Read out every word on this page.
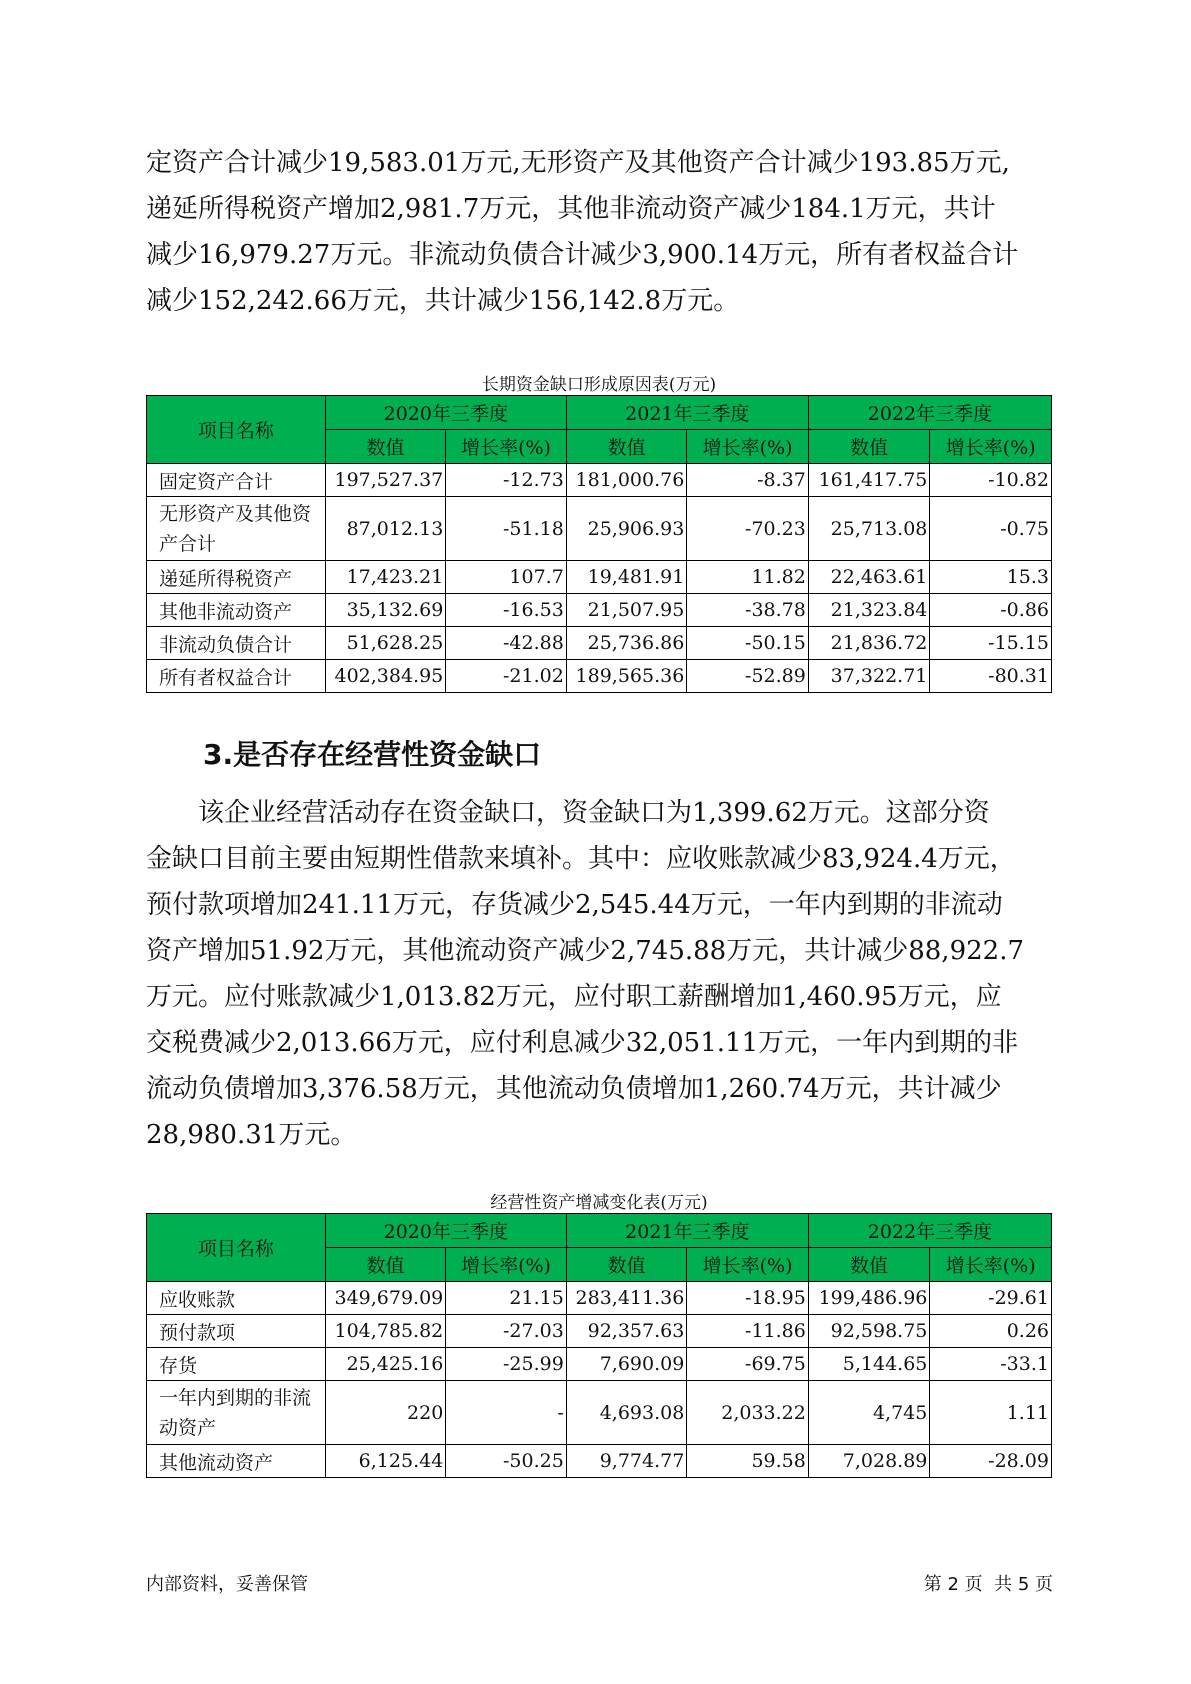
定资产合计减少19,583.01万元,无形资产及其他资产合计减少193.85万元,
递延所得税资产增加2,981.7万元，其他非流动资产减少184.1万元，共计
减少16,979.27万元。非流动负债合计减少3,900.14万元，所有者权益合计
减少152,242.66万元，共计减少156,142.8万元。
长期资金缺口形成原因表(万元)
项目名称	2020年三季度		2021年三季度		2022年三季度	
	数值	增长率(%)	数值	增长率(%)	数值	增长率(%)
固定资产合计	197,527.37	-12.73	181,000.76	-8.37	161,417.75	-10.82
无形资产及其他资产合计	87,012.13	-51.18	25,906.93	-70.23	25,713.08	-0.75
递延所得税资产	17,423.21	107.7	19,481.91	11.82	22,463.61	15.3
其他非流动资产	35,132.69	-16.53	21,507.95	-38.78	21,323.84	-0.86
非流动负债合计	51,628.25	-42.88	25,736.86	-50.15	21,836.72	-15.15
所有者权益合计	402,384.95	-21.02	189,565.36	-52.89	37,322.71	-80.31
3.是否存在经营性资金缺口
该企业经营活动存在资金缺口，资金缺口为1,399.62万元。这部分资
金缺口目前主要由短期性借款来填补。其中：应收账款减少83,924.4万元，
预付款项增加241.11万元，存货减少2,545.44万元，一年内到期的非流动
资产增加51.92万元，其他流动资产减少2,745.88万元，共计减少88,922.7
万元。应付账款减少1,013.82万元，应付职工薪酬增加1,460.95万元，应
交税费减少2,013.66万元，应付利息减少32,051.11万元，一年内到期的非
流动负债增加3,376.58万元，其他流动负债增加1,260.74万元，共计减少
28,980.31万元。
经营性资产增减变化表(万元)
项目名称	2020年三季度		2021年三季度		2022年三季度	
	数值	增长率(%)	数值	增长率(%)	数值	增长率(%)
应收账款	349,679.09	21.15	283,411.36	-18.95	199,486.96	-29.61
预付款项	104,785.82	-27.03	92,357.63	-11.86	92,598.75	0.26
存货	25,425.16	-25.99	7,690.09	-69.75	5,144.65	-33.1
一年内到期的非流动资产	220	-	4,693.08	2,033.22	4,745	1.11
其他流动资产	6,125.44	-50.25	9,774.77	59.58	7,028.89	-28.09
内部资料，妥善保管	第 2 页  共 5 页
